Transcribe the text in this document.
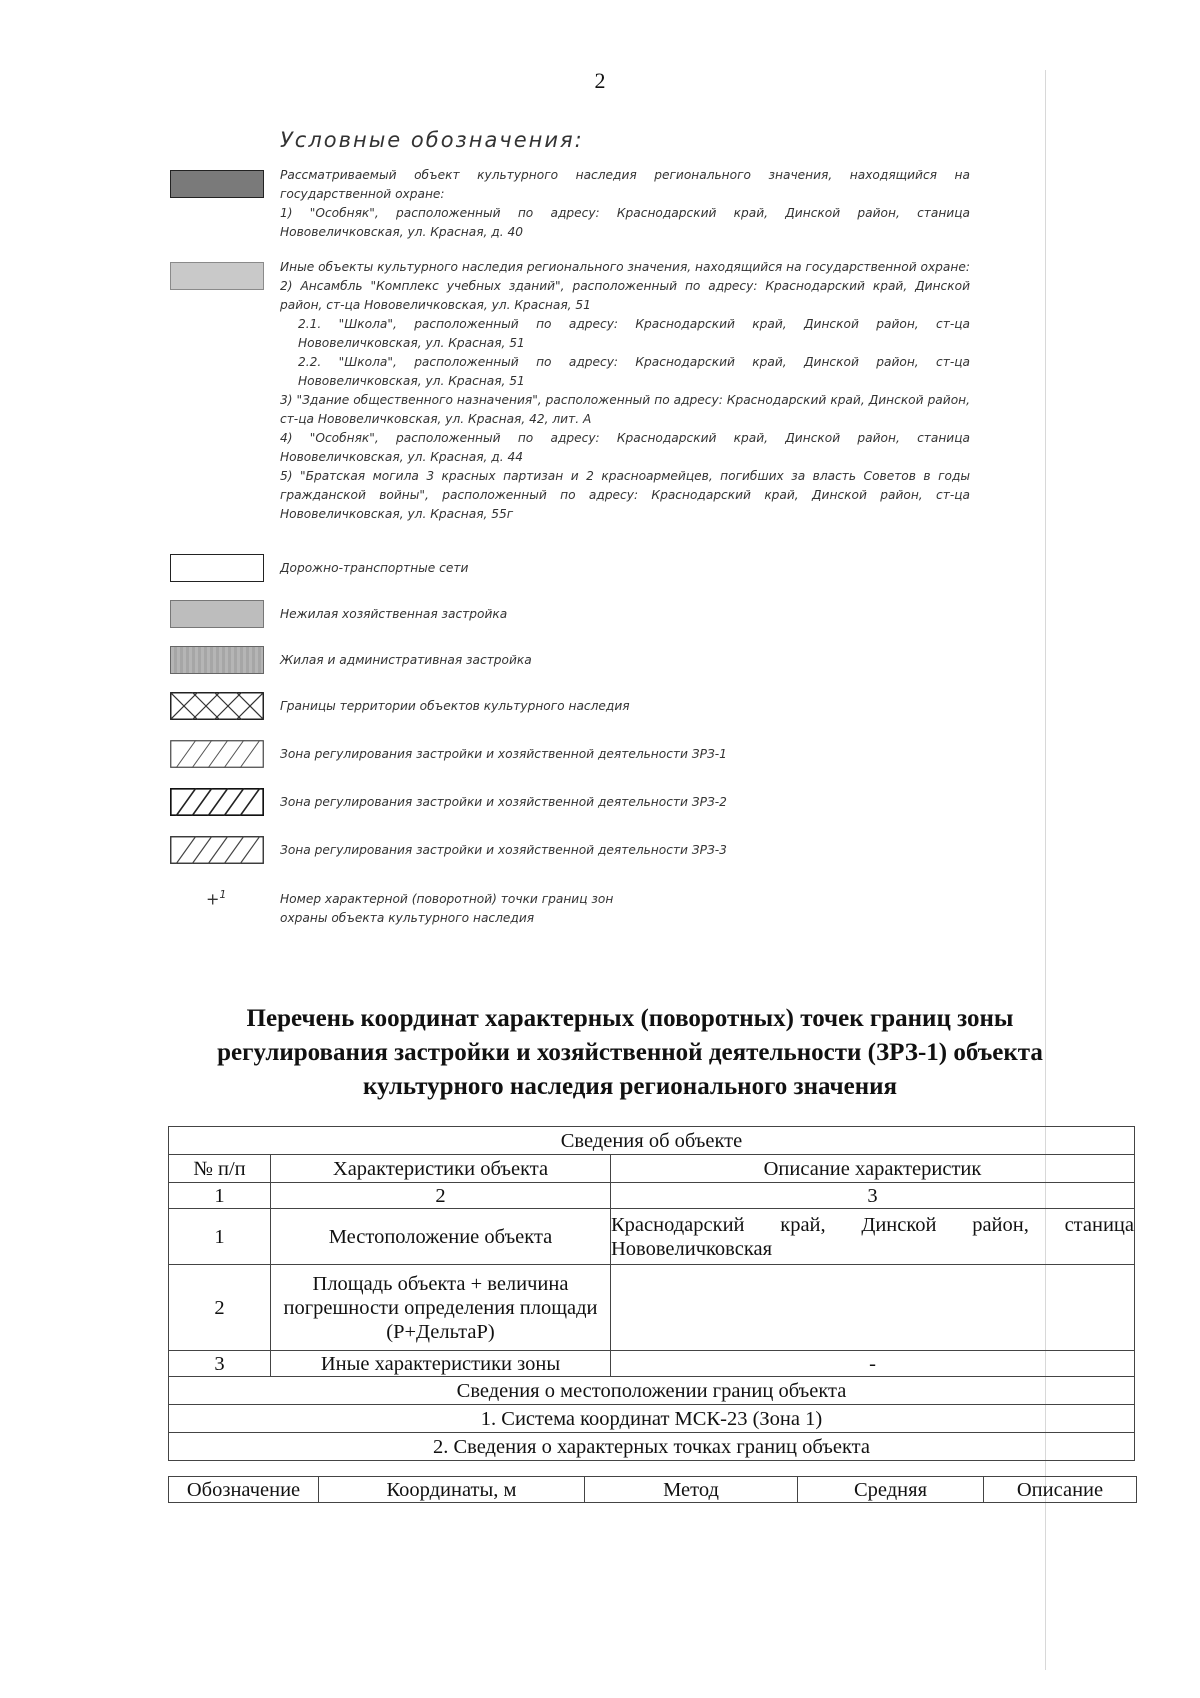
2
Условные обозначения:
Рассматриваемый объект культурного наследия регионального значения, находящийся на государственной охране:
1) "Особняк", расположенный по адресу: Краснодарский край, Динской район, станица Нововеличковская, ул. Красная, д. 40
Иные объекты культурного наследия регионального значения, находящийся на государственной охране:
2) Ансамбль "Комплекс учебных зданий", расположенный по адресу: Краснодарский край, Динской район, ст-ца Нововеличковская, ул. Красная, 51
2.1. "Школа", расположенный по адресу: Краснодарский край, Динской район, ст-ца Нововеличковская, ул. Красная, 51
2.2. "Школа", расположенный по адресу: Краснодарский край, Динской район, ст-ца Нововеличковская, ул. Красная, 51
3) "Здание общественного назначения", расположенный по адресу: Краснодарский край, Динской район, ст-ца Нововеличковская, ул. Красная, 42, лит. А
4) "Особняк", расположенный по адресу: Краснодарский край, Динской район, станица Нововеличковская, ул. Красная, д. 44
5) "Братская могила 3 красных партизан и 2 красноармейцев, погибших за власть Советов в годы гражданской войны", расположенный по адресу: Краснодарский край, Динской район, ст-ца Нововеличковская, ул. Красная, 55г
Дорожно-транспортные сети
Нежилая хозяйственная застройка
Жилая и административная застройка
Границы территории объектов культурного наследия
Зона регулирования застройки и хозяйственной деятельности ЗРЗ-1
Зона регулирования застройки и хозяйственной деятельности ЗРЗ-2
Зона регулирования застройки и хозяйственной деятельности ЗРЗ-3
+$^1$	Номер характерной (поворотной) точки границ зон
охраны объекта культурного наследия
Перечень координат характерных (поворотных) точек границ зоны
регулирования застройки и хозяйственной деятельности (ЗРЗ-1) объекта
культурного наследия регионального значения
Сведения об объекте		
№ п/п	Характеристики объекта	Описание характеристик
1	2	3
1	Местоположение объекта	Краснодарский край, Динской район, станица Нововеличковская
2	Площадь объекта + величина погрешности определения площади (Р+ДельтаР)	
3	Иные характеристики зоны	-
Сведения о местоположении границ объекта		
1. Система координат МСК-23 (Зона 1)		
2. Сведения о характерных точках границ объекта		
Обозначение	Координаты, м	Метод	Средняя	Описание
